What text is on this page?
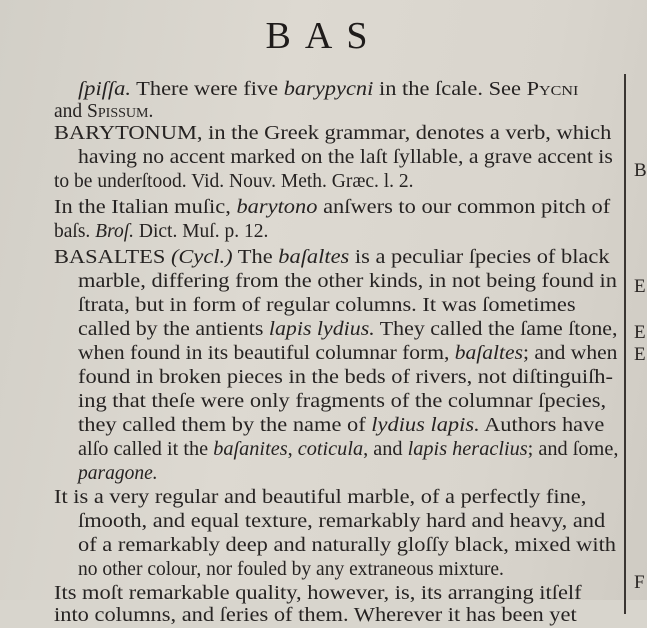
BAS
B
E
E
E
F
ſpiſſa. There were five barypycni in the ſcale. See Pycni
and Spissum.
BARYTONUM, in the Greek grammar, denotes a verb, which
having no accent marked on the laſt ſyllable, a grave accent is
to be underſtood. Vid. Nouv. Meth. Græc. l. 2.
In the Italian muſic, barytono anſwers to our common pitch of
baſs. Broſ. Dict. Muſ. p. 12.
BASALTES (Cycl.) The baſaltes is a peculiar ſpecies of black
marble, differing from the other kinds, in not being found in
ſtrata, but in form of regular columns. It was ſometimes
called by the antients lapis lydius. They called the ſame ſtone,
when found in its beautiful columnar form, baſaltes; and when
found in broken pieces in the beds of rivers, not diſtinguiſh-
ing that theſe were only fragments of the columnar ſpecies,
they called them by the name of lydius lapis. Authors have
alſo called it the baſanites, coticula, and lapis heraclius; and ſome,
paragone.
It is a very regular and beautiful marble, of a perfectly fine,
ſmooth, and equal texture, remarkably hard and heavy, and
of a remarkably deep and naturally gloſſy black, mixed with
no other colour, nor fouled by any extraneous mixture.
Its moſt remarkable quality, however, is, its arranging itſelf
into columns, and ſeries of them. Wherever it has been yet
